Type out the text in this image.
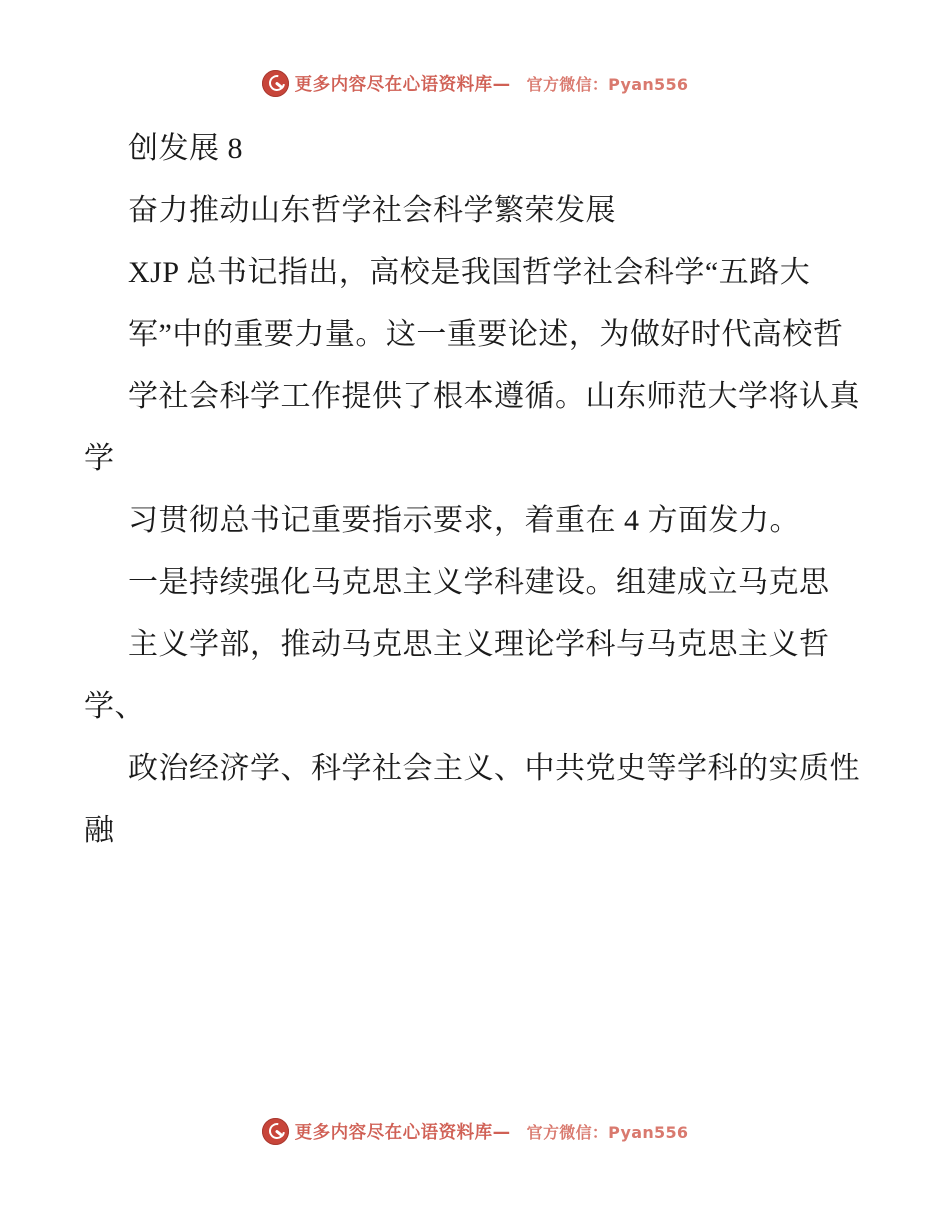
更多内容尽在心语资料库— 官方微信：Pyan556
创发展 8
奋力推动山东哲学社会科学繁荣发展
XJP 总书记指出，高校是我国哲学社会科学“五路大
军”中的重要力量。这一重要论述，为做好时代高校哲
学社会科学工作提供了根本遵循。山东师范大学将认真学
习贯彻总书记重要指示要求，着重在 4 方面发力。
一是持续强化马克思主义学科建设。组建成立马克思
主义学部，推动马克思主义理论学科与马克思主义哲学、
政治经济学、科学社会主义、中共党史等学科的实质性融
更多内容尽在心语资料库— 官方微信：Pyan556
